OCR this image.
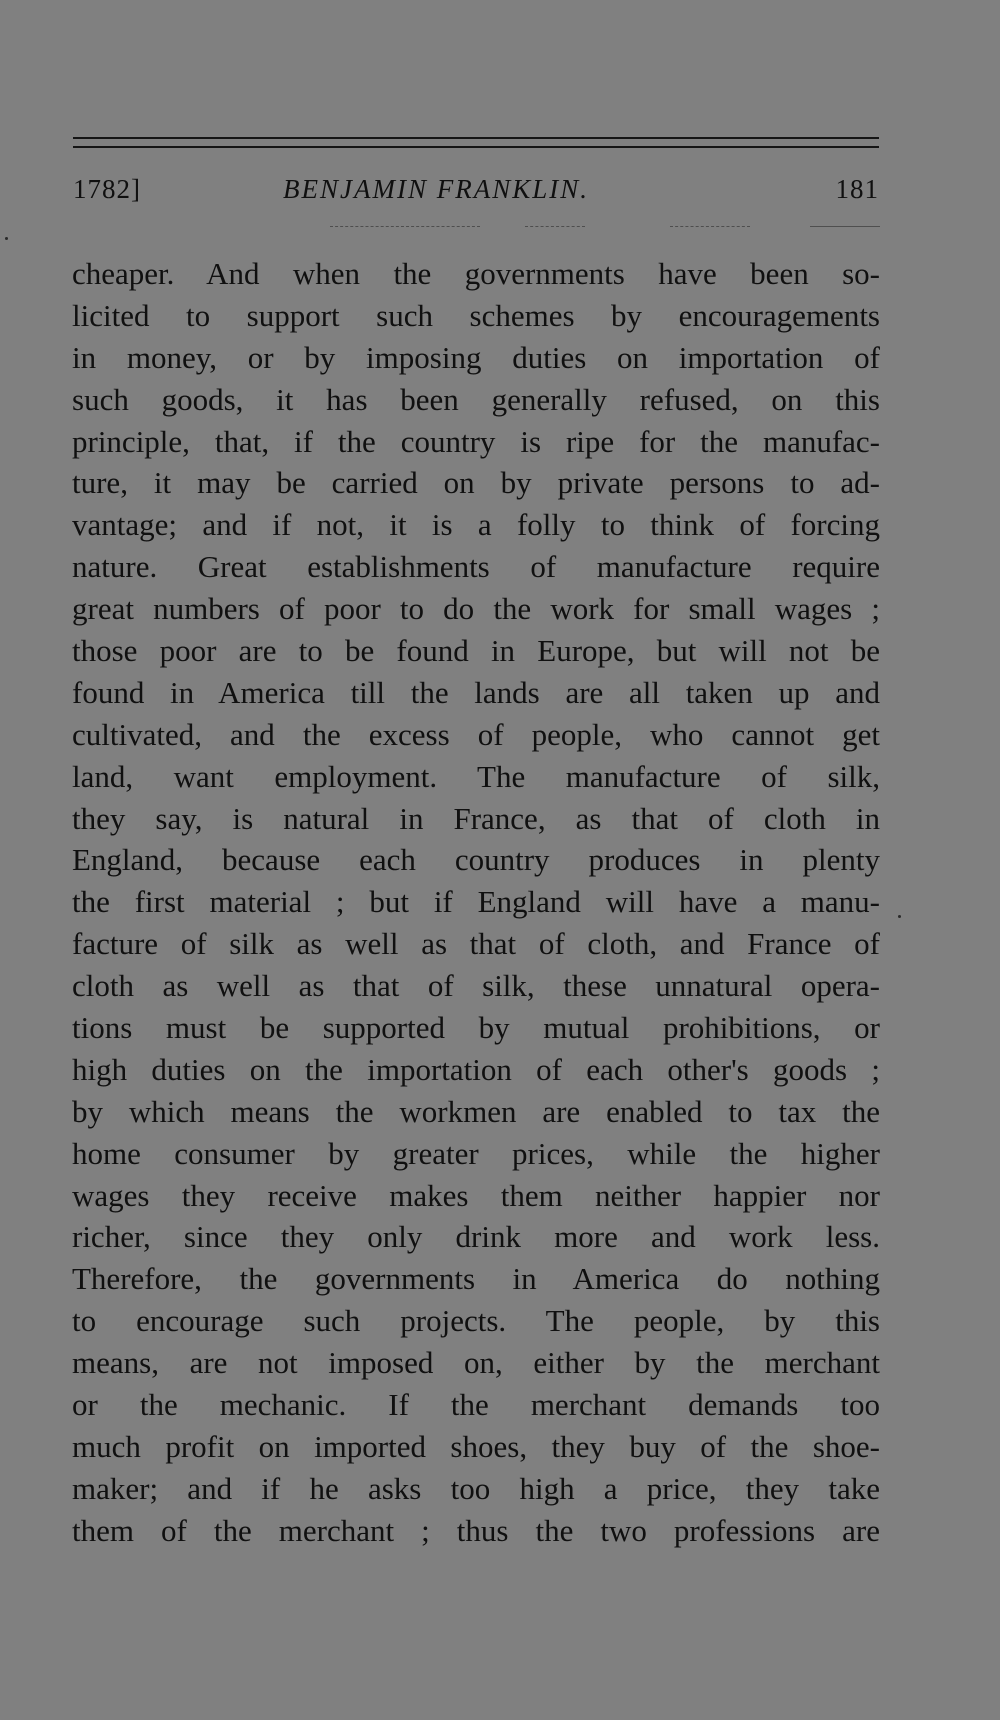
1782]	BENJAMIN FRANKLIN.	181
cheaper. And when the governments have been so-
licited to support such schemes by encouragements
in money, or by imposing duties on importation of
such goods, it has been generally refused, on this
principle, that, if the country is ripe for the manufac-
ture, it may be carried on by private persons to ad-
vantage; and if not, it is a folly to think of forcing
nature. Great establishments of manufacture require
great numbers of poor to do the work for small wages ;
those poor are to be found in Europe, but will not be
found in America till the lands are all taken up and
cultivated, and the excess of people, who cannot get
land, want employment. The manufacture of silk,
they say, is natural in France, as that of cloth in
England, because each country produces in plenty
the first material ; but if England will have a manu-
facture of silk as well as that of cloth, and France of
cloth as well as that of silk, these unnatural opera-
tions must be supported by mutual prohibitions, or
high duties on the importation of each other's goods ;
by which means the workmen are enabled to tax the
home consumer by greater prices, while the higher
wages they receive makes them neither happier nor
richer, since they only drink more and work less.
Therefore, the governments in America do nothing
to encourage such projects. The people, by this
means, are not imposed on, either by the merchant
or the mechanic. If the merchant demands too
much profit on imported shoes, they buy of the shoe-
maker; and if he asks too high a price, they take
them of the merchant ; thus the two professions are
